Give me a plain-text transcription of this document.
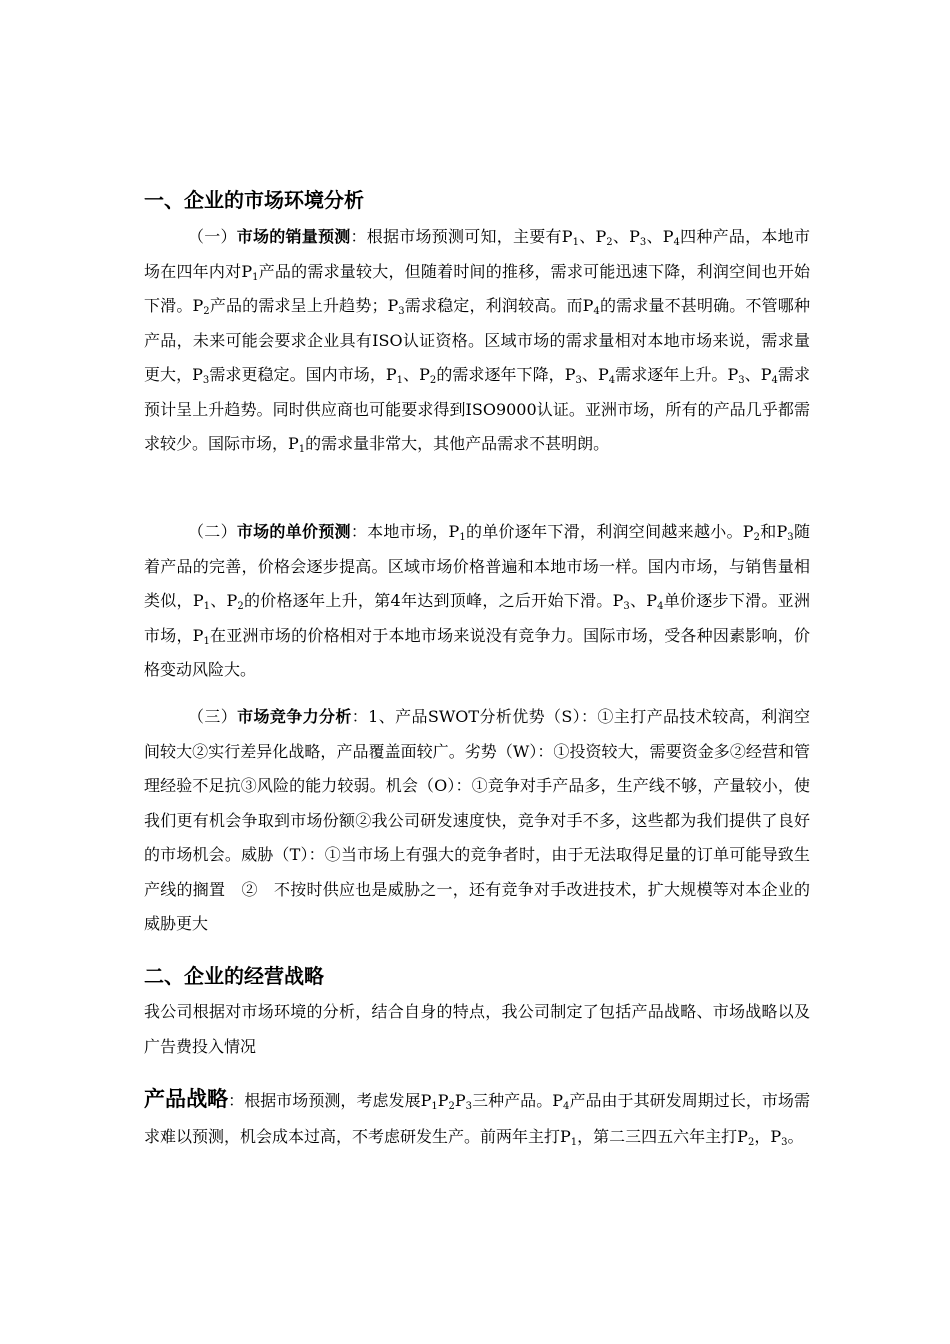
一、企业的市场环境分析
（一）市场的销量预测：根据市场预测可知，主要有$P_1$、$P_2$、$P_3$、$P_4$四种产品，本地市场在四年内对$P_1$产品的需求量较大，但随着时间的推移，需求可能迅速下降，利润空间也开始下滑。$P_2$产品的需求呈上升趋势；$P_3$需求稳定，利润较高。而$P_4$的需求量不甚明确。不管哪种产品，未来可能会要求企业具有ISO认证资格。区域市场的需求量相对本地市场来说，需求量更大，$P_3$需求更稳定。国内市场，$P_1$、$P_2$的需求逐年下降，$P_3$、$P_4$需求逐年上升。$P_3$、$P_4$需求预计呈上升趋势。同时供应商也可能要求得到ISO9000认证。亚洲市场，所有的产品几乎都需求较少。国际市场，$P_1$的需求量非常大，其他产品需求不甚明朗。
（二）市场的单价预测：本地市场，$P_1$的单价逐年下滑，利润空间越来越小。$P_2$和$P_3$随着产品的完善，价格会逐步提高。区域市场价格普遍和本地市场一样。国内市场，与销售量相类似，$P_1$、$P_2$的价格逐年上升，第4年达到顶峰，之后开始下滑。$P_3$、$P_4$单价逐步下滑。亚洲市场，$P_1$在亚洲市场的价格相对于本地市场来说没有竞争力。国际市场，受各种因素影响，价格变动风险大。
（三）市场竞争力分析：1、产品SWOT分析优势（S）：①主打产品技术较高，利润空间较大②实行差异化战略，产品覆盖面较广。劣势（W）：①投资较大，需要资金多②经营和管理经验不足抗③风险的能力较弱。机会（O）：①竞争对手产品多，生产线不够，产量较小，使我们更有机会争取到市场份额②我公司研发速度快，竞争对手不多，这些都为我们提供了良好的市场机会。威胁（T）：①当市场上有强大的竞争者时，由于无法取得足量的订单可能导致生产线的搁置　②　不按时供应也是威胁之一，还有竞争对手改进技术，扩大规模等对本企业的威胁更大
二、企业的经营战略
我公司根据对市场环境的分析，结合自身的特点，我公司制定了包括产品战略、市场战略以及广告费投入情况
产品战略：根据市场预测，考虑发展$P_1P_2P_3$三种产品。$P_4$产品由于其研发周期过长，市场需求难以预测，机会成本过高，不考虑研发生产。前两年主打$P_1$，第二三四五六年主打$P_2$，$P_3$。
